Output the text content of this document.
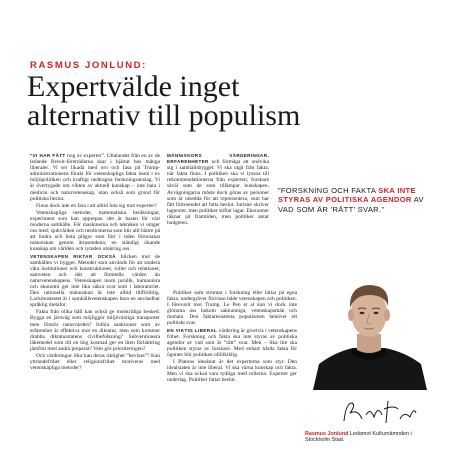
RASMUS JONLUND:
Expertvälde inget
alternativ till populism

”VI HAR FÅTT nog av experter”. Uttalandet från en av de ledande Brexit-företrädarna skar i hjärtat hos många liberaler. Vi ser likadä med oro och fasa på Trump-administrationens förakt för vetenskapliga fakta inom t ex miljöpolitiken och kraftigt nedtragna forskningsanslag. Vi är övertygade om vikten av aktuell kunskap – inte bara i medicin och naturvetenskap, utan också som grund för politiska beslut.

Finns dock inte en fara i att alltid luta sig mot experter?

Vetenskapliga metoder, matematiska beräkningar, experiment som kan upprepas: det är basen för värt moderna samhälle. För maskinerna och tekniken vi omger oss med; sjukvården och medicinerna som blir allt bättre på att lindra och bota plågor som förr i tiden förorsakat människan genom årtusendena; en ständigt ökande kunskap om världen och rymden omkring oss.

VETENSKAPEN RIKTAR OCKSÅ blicken mot de samhällen vi bygger. Metoder som används för att studera våra institutioner och konstruktioner, roller och relationer, samveten och sätt att förmedla värden än naturvetenskapens. Vetenskapen inom juridik, humaniora och ekonomi ger inte lika säkra svar som i laboratoriet. Den rationella människan är inte alltid tillförlitlig. Lackmustestet är i samhällsvetenskapen bara en användbar språklig metafor.

Fakta från olika håll kan också ge motstridiga besked. Bygga en järnväg som möjliggör miljövänliga transporter men förstör naturvärden? Införa sanktioner som av erfarenhet är effektiva mot en diktatur, men som kommer drabba diktaturstatens civilbefolkning? Subventionera läkemedel som till en hög kostnad ger en liten förbättring jämfört med andra preparat? Vem gör prioriteringen?

Och värderingar. Hur kan deras riktighet ”bevisas”? Kan yttrandefrihet eller religionsfrihet motiveras med vetenskapliga metoder?

MÄNNISKORS VÄRDERINGAR, ERFARENHETER och förmåga att undvika sig i samhällsbygget. Vi ska utgå från fakta, när fakta finns. I politiken ska vi lyssna till rekommendationerna från experten, forskare såväl som de som tillämpar kunskapen. Avvägningarna måste dock göras av personer som är utsedda för att representera, som har fått förtroendet att fatta beslut. Jurister skriver lagtexter, men politiker stiftar lagar. Ekonomer räknar på framtiden, men politiker antar budgeten.

Politiker som struntar i forskning eller hittar på egna fakta, undergräver förvisso både vetenskapen och politiken. I förevarit mot Trump, Le Pen et al kan vi dock inte glömma oss bakom sakkunniga, vetenskapsmän och domare. Den faktaresistenta populismen behöver ett politiskt svar.

EN VIKTIG LIBERAL värdering är givetvis i vetenskapens frihet. Forskning och fakta ska inte styras av politiska agendor av vad som är ”rätt” svar. Men – lika lite ska politiken styras av forskare. Med enhart hårda fakta för ögonen blir politiken ofölikiklig.

I Platons idealstat är det experterna som styr. Den idealstaten är inte liberal. Vi ska värna kunskap och fakta. Men vi ska också vara tydliga med rollerna: Experter ger underlag. Politiker fattar beslut.

”FORSKNING OCH FAKTA SKA INTE STYRAS AV POLITISKA AGENDOR AV VAD SOM ÄR ’RÄTT’ SVAR.”
Rasmus Jonlund Ledamot Kulturnämnden i Stockholm Stad.
